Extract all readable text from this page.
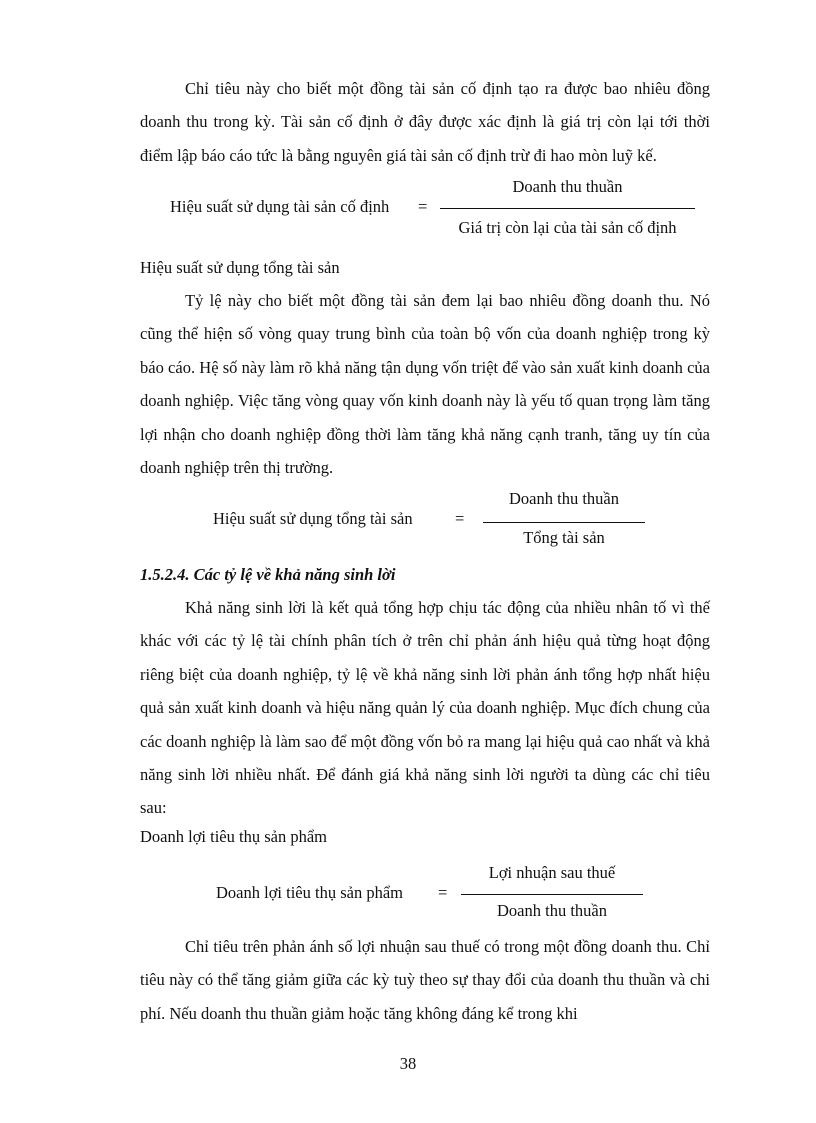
Chỉ tiêu này cho biết một đồng tài sản cố định tạo ra được bao nhiêu đồng doanh thu trong kỳ. Tài sản cố định ở đây được xác định là giá trị còn lại tới thời điểm lập báo cáo tức là bằng nguyên giá tài sản cố định trừ đi hao mòn luỹ kế.

Hiệu suất sử dụng tài sản cố định =
Doanh thu thuần
Giá trị còn lại của tài sản cố định

Hiệu suất sử dụng tổng tài sản

Tỷ lệ này cho biết một đồng tài sản đem lại bao nhiêu đồng doanh thu. Nó cũng thể hiện số vòng quay trung bình của toàn bộ vốn của doanh nghiệp trong kỳ báo cáo. Hệ số này làm rõ khả năng tận dụng vốn triệt để vào sản xuất kinh doanh của doanh nghiệp. Việc tăng vòng quay vốn kinh doanh này là yếu tố quan trọng làm tăng lợi nhận cho doanh nghiệp đồng thời làm tăng khả năng cạnh tranh, tăng uy tín của doanh nghiệp trên thị trường.

Hiệu suất sử dụng tổng tài sản	=
Doanh thu thuần
Tổng tài sản

1.5.2.4. Các tỷ lệ về khả năng sinh lời

Khả năng sinh lời là kết quả tổng hợp chịu tác động của nhiều nhân tố vì thế khác với các tỷ lệ tài chính phân tích ở trên chỉ phản ánh hiệu quả từng hoạt động riêng biệt của doanh nghiệp, tỷ lệ về khả năng sinh lời phản ánh tổng hợp nhất hiệu quả sản xuất kinh doanh và hiệu năng quản lý của doanh nghiệp. Mục đích chung của các doanh nghiệp là làm sao để một đồng vốn bỏ ra mang lại hiệu quả cao nhất và khả năng sinh lời nhiều nhất. Để đánh giá khả năng sinh lời người ta dùng các chỉ tiêu sau:

Doanh lợi tiêu thụ sản phẩm

Doanh lợi tiêu thụ sản phẩm =
Lợi nhuận sau thuế
Doanh thu thuần

Chỉ tiêu trên phản ánh số lợi nhuận sau thuế có trong một đồng doanh thu. Chỉ tiêu này có thể tăng giảm giữa các kỳ tuỳ theo sự thay đổi của doanh thu thuần và chi phí. Nếu doanh thu thuần giảm hoặc tăng không đáng kể trong khi

38
